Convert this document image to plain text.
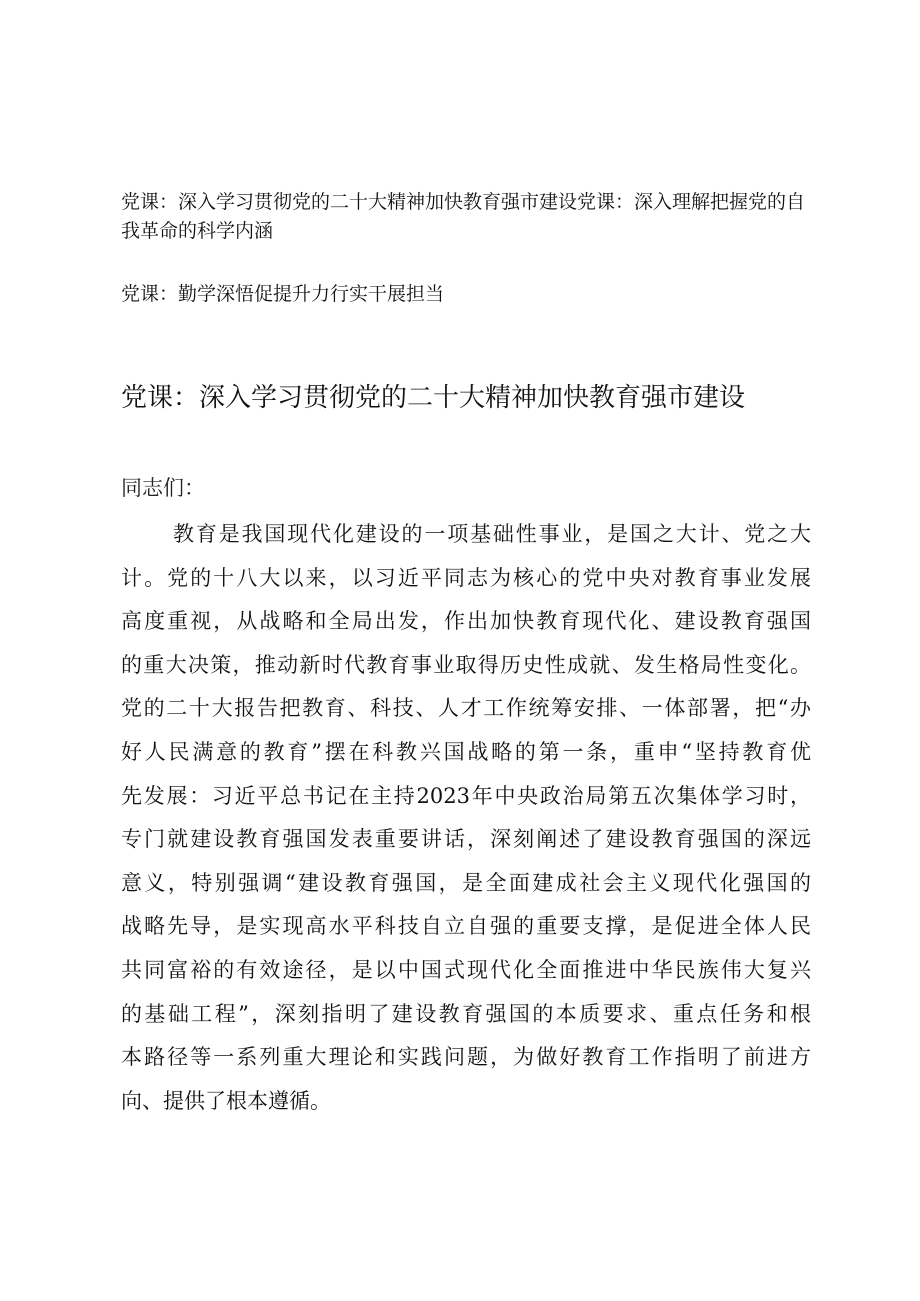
党课：深入学习贯彻党的二十大精神加快教育强市建设党课：深入理解把握党的自我革命的科学内涵
党课：勤学深悟促提升力行实干展担当
党课：深入学习贯彻党的二十大精神加快教育强市建设
同志们：
教育是我国现代化建设的一项基础性事业，是国之大计、党之大
计。党的十八大以来，以习近平同志为核心的党中央对教育事业发展
高度重视，从战略和全局出发，作出加快教育现代化、建设教育强国
的重大决策，推动新时代教育事业取得历史性成就、发生格局性变化。
党的二十大报告把教育、科技、人才工作统筹安排、一体部署，把“办
好人民满意的教育”摆在科教兴国战略的第一条，重申“坚持教育优
先发展：习近平总书记在主持2023年中央政治局第五次集体学习时，
专门就建设教育强国发表重要讲话，深刻阐述了建设教育强国的深远
意义，特别强调“建设教育强国，是全面建成社会主义现代化强国的
战略先导，是实现高水平科技自立自强的重要支撑，是促进全体人民
共同富裕的有效途径，是以中国式现代化全面推进中华民族伟大复兴
的基础工程”，深刻指明了建设教育强国的本质要求、重点任务和根
本路径等一系列重大理论和实践问题，为做好教育工作指明了前进方
向、提供了根本遵循。
